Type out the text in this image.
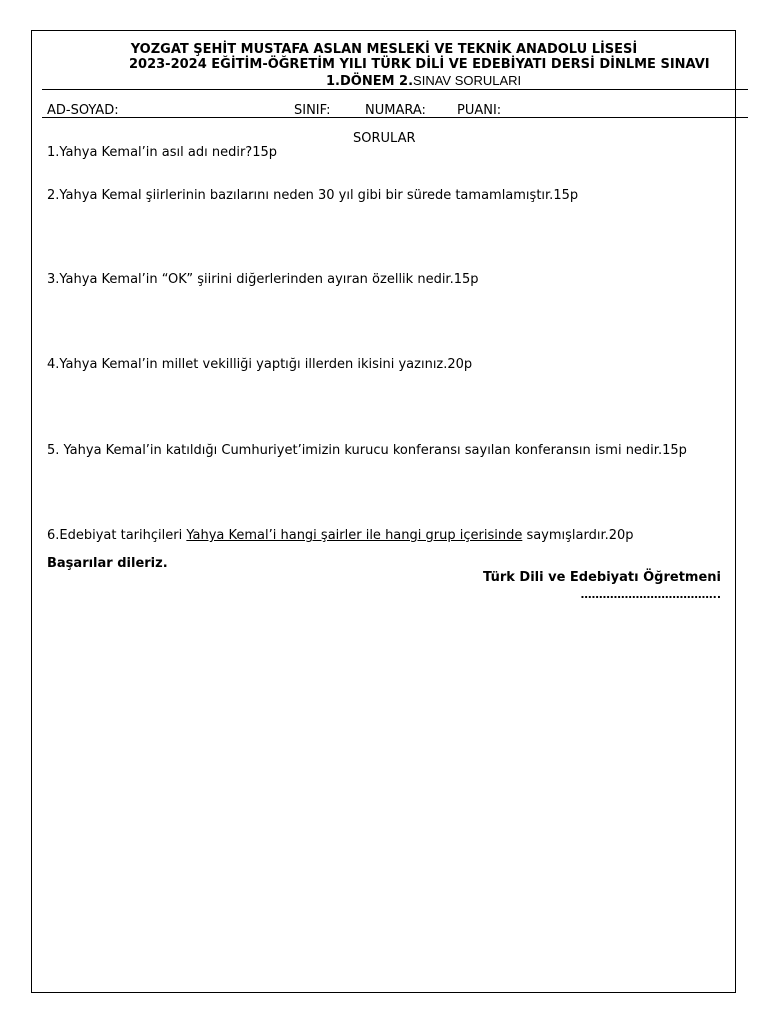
YOZGAT ŞEHİT MUSTAFA ASLAN MESLEKİ VE TEKNİK ANADOLU LİSESİ
2023-2024 EĞİTİM-ÖĞRETİM YILI TÜRK DİLİ VE EDEBİYATI DERSİ DİNLME SINAVI
1.DÖNEM 2.SINAV SORULARI
AD-SOYAD:	SINIF:	NUMARA: PUANI:
SORULAR
1.Yahya Kemal’in asıl adı nedir?15p
2.Yahya Kemal şiirlerinin bazılarını neden 30 yıl gibi bir sürede tamamlamıştır.15p
3.Yahya Kemal’in “OK” şiirini diğerlerinden ayıran özellik nedir.15p
4.Yahya Kemal’in millet vekilliği yaptığı illerden ikisini yazınız.20p
5. Yahya Kemal’in katıldığı Cumhuriyet’imizin kurucu konferansı sayılan konferansın ismi nedir.15p
6.Edebiyat tarihçileri Yahya Kemal’i hangi şairler ile hangi grup içerisinde saymışlardır.20p
Başarılar dileriz.
Türk Dili ve Edebiyatı Öğretmeni
………………………………..
